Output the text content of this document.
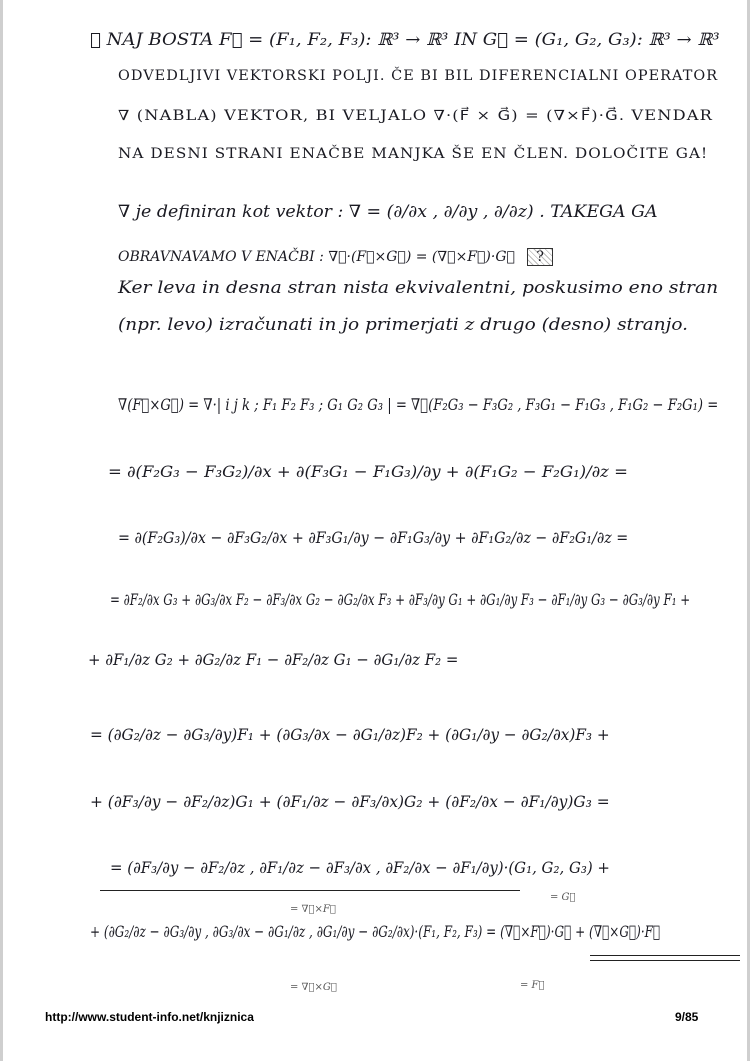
⑦ NAJ BOSTA F⃗ = (F₁, F₂, F₃): ℝ³ → ℝ³ IN G⃗ = (G₁, G₂, G₃): ℝ³ → ℝ³
ODVEDLJIVI VEKTORSKI POLJI. ČE BI BIL DIFERENCIALNI OPERATOR
∇ (NABLA) VEKTOR, BI VELJALO ∇·(F⃗ × G⃗) = (∇×F⃗)·G⃗. VENDAR
NA DESNI STRANI ENAČBE MANJKA ŠE EN ČLEN. DOLOČITE GA!
∇ je definiran kot vektor : ∇ = (∂/∂x , ∂/∂y , ∂/∂z) . TAKEGA GA
OBRAVNAVAMO V ENAČBI : ∇⃗·(F⃗×G⃗) = (∇⃗×F⃗)·G⃗ ?
Ker leva in desna stran nista ekvivalentni, poskusimo eno stran
(npr. levo) izračunati in jo primerjati z drugo (desno) stranjo.
∇(F⃗×G⃗) = ∇·| i j k ; F₁ F₂ F₃ ; G₁ G₂ G₃ | = ∇⃗(F₂G₃ − F₃G₂ , F₃G₁ − F₁G₃ , F₁G₂ − F₂G₁) =
= ∂(F₂G₃ − F₃G₂)/∂x + ∂(F₃G₁ − F₁G₃)/∂y + ∂(F₁G₂ − F₂G₁)/∂z =
= ∂(F₂G₃)/∂x − ∂F₃G₂/∂x + ∂F₃G₁/∂y − ∂F₁G₃/∂y + ∂F₁G₂/∂z − ∂F₂G₁/∂z =
= ∂F₂/∂x G₃ + ∂G₃/∂x F₂ − ∂F₃/∂x G₂ − ∂G₂/∂x F₃ + ∂F₃/∂y G₁ + ∂G₁/∂y F₃ − ∂F₁/∂y G₃ − ∂G₃/∂y F₁ +
+ ∂F₁/∂z G₂ + ∂G₂/∂z F₁ − ∂F₂/∂z G₁ − ∂G₁/∂z F₂ =
= (∂G₂/∂z − ∂G₃/∂y)F₁ + (∂G₃/∂x − ∂G₁/∂z)F₂ + (∂G₁/∂y − ∂G₂/∂x)F₃ +
+ (∂F₃/∂y − ∂F₂/∂z)G₁ + (∂F₁/∂z − ∂F₃/∂x)G₂ + (∂F₂/∂x − ∂F₁/∂y)G₃ =
= (∂F₃/∂y − ∂F₂/∂z , ∂F₁/∂z − ∂F₃/∂x , ∂F₂/∂x − ∂F₁/∂y)·(G₁, G₂, G₃) +
+ (∂G₂/∂z − ∂G₃/∂y , ∂G₃/∂x − ∂G₁/∂z , ∂G₁/∂y − ∂G₂/∂x)·(F₁, F₂, F₃) = (∇⃗×F⃗)·G⃗ + (∇⃗×G⃗)·F⃗
= G⃗
= F⃗
= ∇⃗×F⃗
= ∇⃗×G⃗
http://www.student-info.net/knjiznica	9/85
